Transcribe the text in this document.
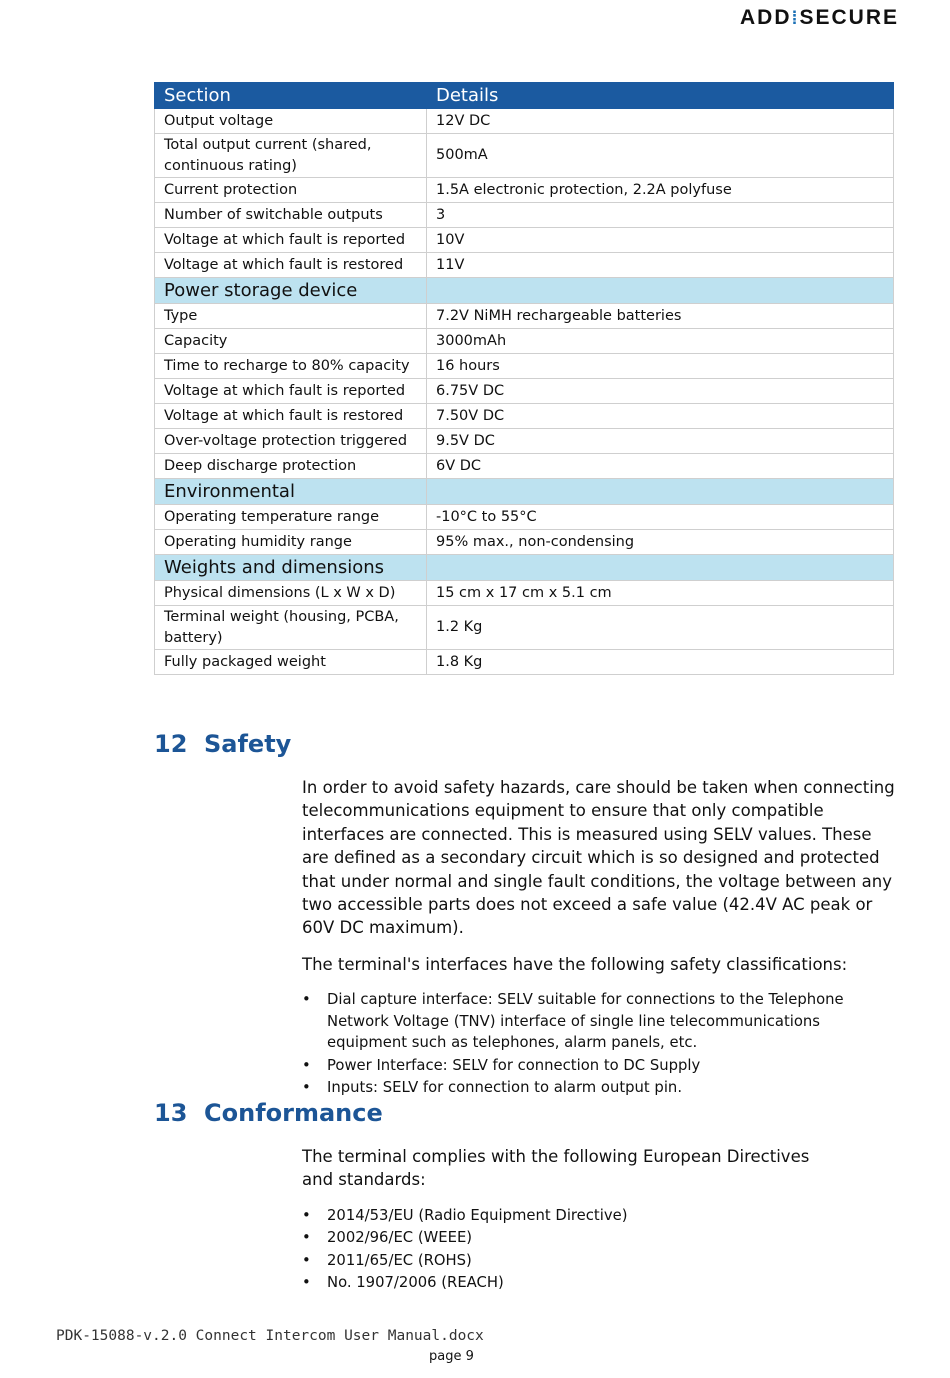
ADD⁞SECURE
Section	Details
Output voltage	12V DC
Total output current (shared, continuous rating)	500mA
Current protection	1.5A electronic protection, 2.2A polyfuse
Number of switchable outputs	3
Voltage at which fault is reported	10V
Voltage at which fault is restored	11V
Power storage device	
Type	7.2V NiMH rechargeable batteries
Capacity	3000mAh
Time to recharge to 80% capacity	16 hours
Voltage at which fault is reported	6.75V DC
Voltage at which fault is restored	7.50V DC
Over-voltage protection triggered	9.5V DC
Deep discharge protection	6V DC
Environmental	
Operating temperature range	-10°C to 55°C
Operating humidity range	95% max., non-condensing
Weights and dimensions	
Physical dimensions (L x W x D)	15 cm x 17 cm x 5.1 cm
Terminal weight (housing, PCBA, battery)	1.2 Kg
Fully packaged weight	1.8 Kg
12 Safety

In order to avoid safety hazards, care should be taken when connecting telecommunications equipment to ensure that only compatible interfaces are connected. This is measured using SELV values. These are defined as a secondary circuit which is so designed and protected that under normal and single fault conditions, the voltage between any two accessible parts does not exceed a safe value (42.4V AC peak or 60V DC maximum).

The terminal's interfaces have the following safety classifications:

• Dial capture interface: SELV suitable for connections to the Telephone Network Voltage (TNV) interface of single line telecommunications equipment such as telephones, alarm panels, etc.
• Power Interface: SELV for connection to DC Supply
• Inputs: SELV for connection to alarm output pin.
13 Conformance

The terminal complies with the following European Directives and standards:

• 2014/53/EU (Radio Equipment Directive)
• 2002/96/EC (WEEE)
• 2011/65/EC (ROHS)
• No. 1907/2006 (REACH)
PDK-15088-v.2.0 Connect Intercom User Manual.docx
page 9
